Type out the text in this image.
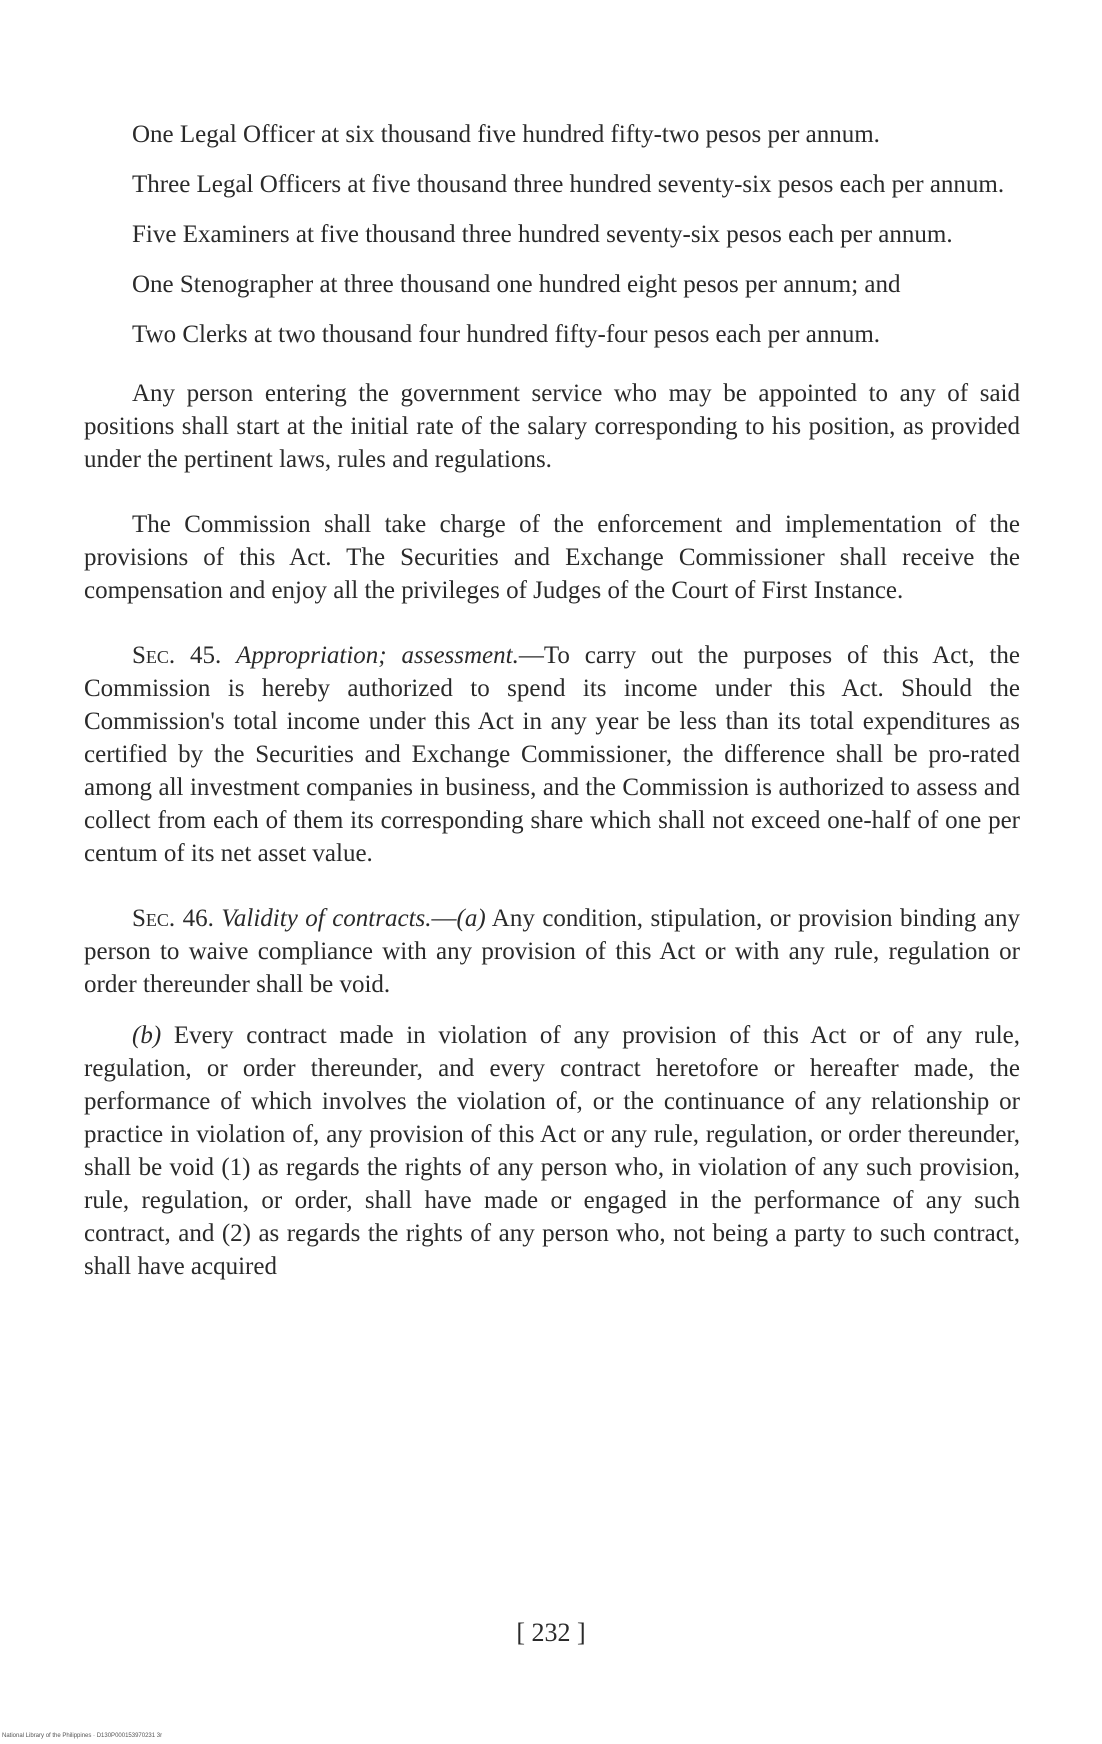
One Legal Officer at six thousand five hundred fifty-two pesos per annum.

Three Legal Officers at five thousand three hundred seventy-six pesos each per annum.

Five Examiners at five thousand three hundred seventy-six pesos each per annum.

One Stenographer at three thousand one hundred eight pesos per annum; and

Two Clerks at two thousand four hundred fifty-four pesos each per annum.

Any person entering the government service who may be appointed to any of said positions shall start at the initial rate of the salary corresponding to his position, as provided under the pertinent laws, rules and regulations.

The Commission shall take charge of the enforcement and implementation of the provisions of this Act. The Securities and Exchange Commissioner shall receive the compensation and enjoy all the privileges of Judges of the Court of First Instance.

Sec. 45. Appropriation; assessment.—To carry out the purposes of this Act, the Commission is hereby authorized to spend its income under this Act. Should the Commission's total income under this Act in any year be less than its total expenditures as certified by the Securities and Exchange Commissioner, the difference shall be pro-rated among all investment companies in business, and the Commission is authorized to assess and collect from each of them its corresponding share which shall not exceed one-half of one per centum of its net asset value.

Sec. 46. Validity of contracts.—(a) Any condition, stipulation, or provision binding any person to waive compliance with any provision of this Act or with any rule, regulation or order thereunder shall be void.

(b) Every contract made in violation of any provision of this Act or of any rule, regulation, or order thereunder, and every contract heretofore or hereafter made, the performance of which involves the violation of, or the continuance of any relationship or practice in violation of, any provision of this Act or any rule, regulation, or order thereunder, shall be void (1) as regards the rights of any person who, in violation of any such provision, rule, regulation, or order, shall have made or engaged in the performance of any such contract, and (2) as regards the rights of any person who, not being a party to such contract, shall have acquired

[ 232 ]
National Library of the Philippines · D130P000153970231 3r
